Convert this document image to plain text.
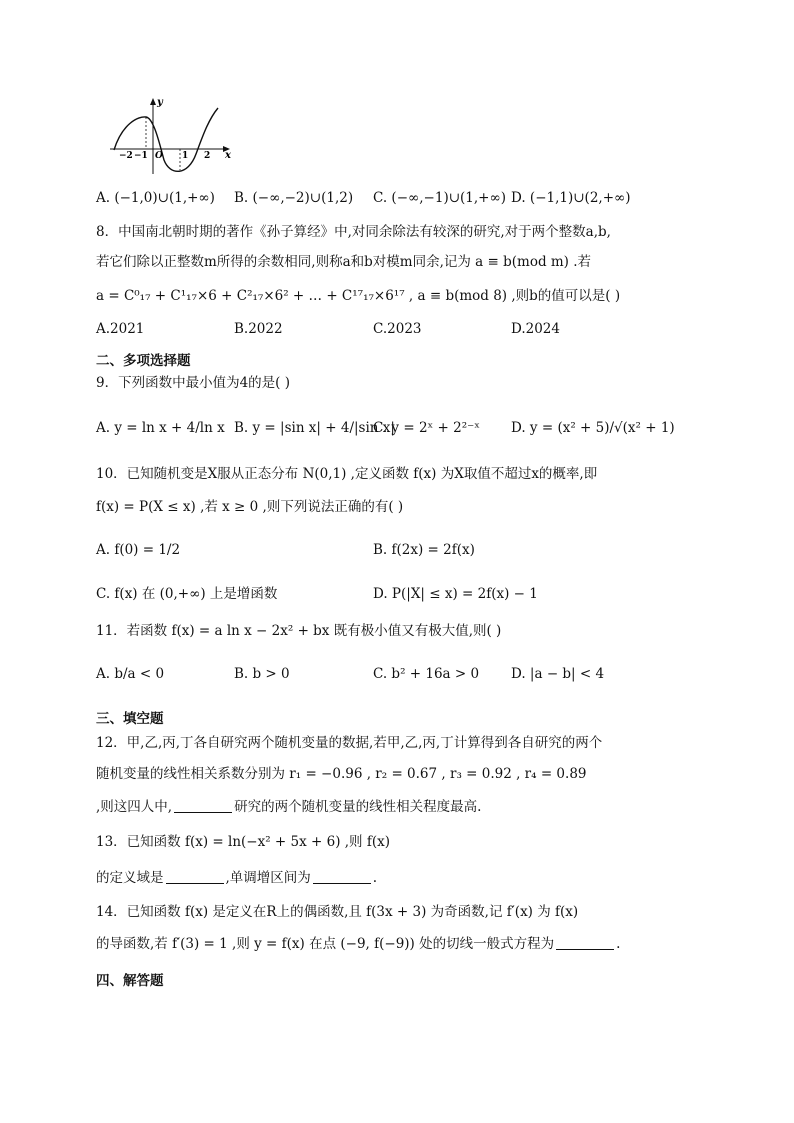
y
x
−2 −1 O 1 2
A. (−1,0)∪(1,+∞) B. (−∞,−2)∪(1,2) C. (−∞,−1)∪(1,+∞) D. (−1,1)∪(2,+∞)
8．中国南北朝时期的著作《孙子算经》中,对同余除法有较深的研究,对于两个整数a,b,
若它们除以正整数m所得的余数相同,则称a和b对模m同余,记为 a ≡ b(mod m) .若
a = C⁰₁₇ + C¹₁₇×6 + C²₁₇×6² + … + C¹⁷₁₇×6¹⁷ , a ≡ b(mod 8) ,则b的值可以是( )
A.2021	B.2022	C.2023	D.2024
二、多项选择题
9．下列函数中最小值为4的是( )
A. y = ln x + 4/ln x B. y = |sin x| + 4/|sin x|
C. y = 2ˣ + 2²⁻ˣ D. y = (x² + 5)/√(x² + 1)
10．已知随机变是X服从正态分布 N(0,1) ,定义函数 f(x) 为X取值不超过x的概率,即
f(x) = P(X ≤ x) ,若 x ≥ 0 ,则下列说法正确的有( )
A. f(0) = 1/2	B. f(2x) = 2f(x)
C. f(x) 在 (0,+∞) 上是增函数	D. P(|X| ≤ x) = 2f(x) − 1
11．若函数 f(x) = a ln x − 2x² + bx 既有极小值又有极大值,则( )
A. b/a < 0	B. b > 0	C. b² + 16a > 0 D. |a − b| < 4
三、填空题
12．甲,乙,丙,丁各自研究两个随机变量的数据,若甲,乙,丙,丁计算得到各自研究的两个
随机变量的线性相关系数分别为 r₁ = −0.96 , r₂ = 0.67 , r₃ = 0.92 , r₄ = 0.89
,则这四人中,	研究的两个随机变量的线性相关程度最高.
13．已知函数 f(x) = ln(−x² + 5x + 6) ,则 f(x)
的定义域是	,单调增区间为	.
14．已知函数 f(x) 是定义在R上的偶函数,且 f(3x + 3) 为奇函数,记 f′(x) 为 f(x)
的导函数,若 f′(3) = 1 ,则 y = f(x) 在点 (−9, f(−9)) 处的切线一般式方程为	.
四、解答题
